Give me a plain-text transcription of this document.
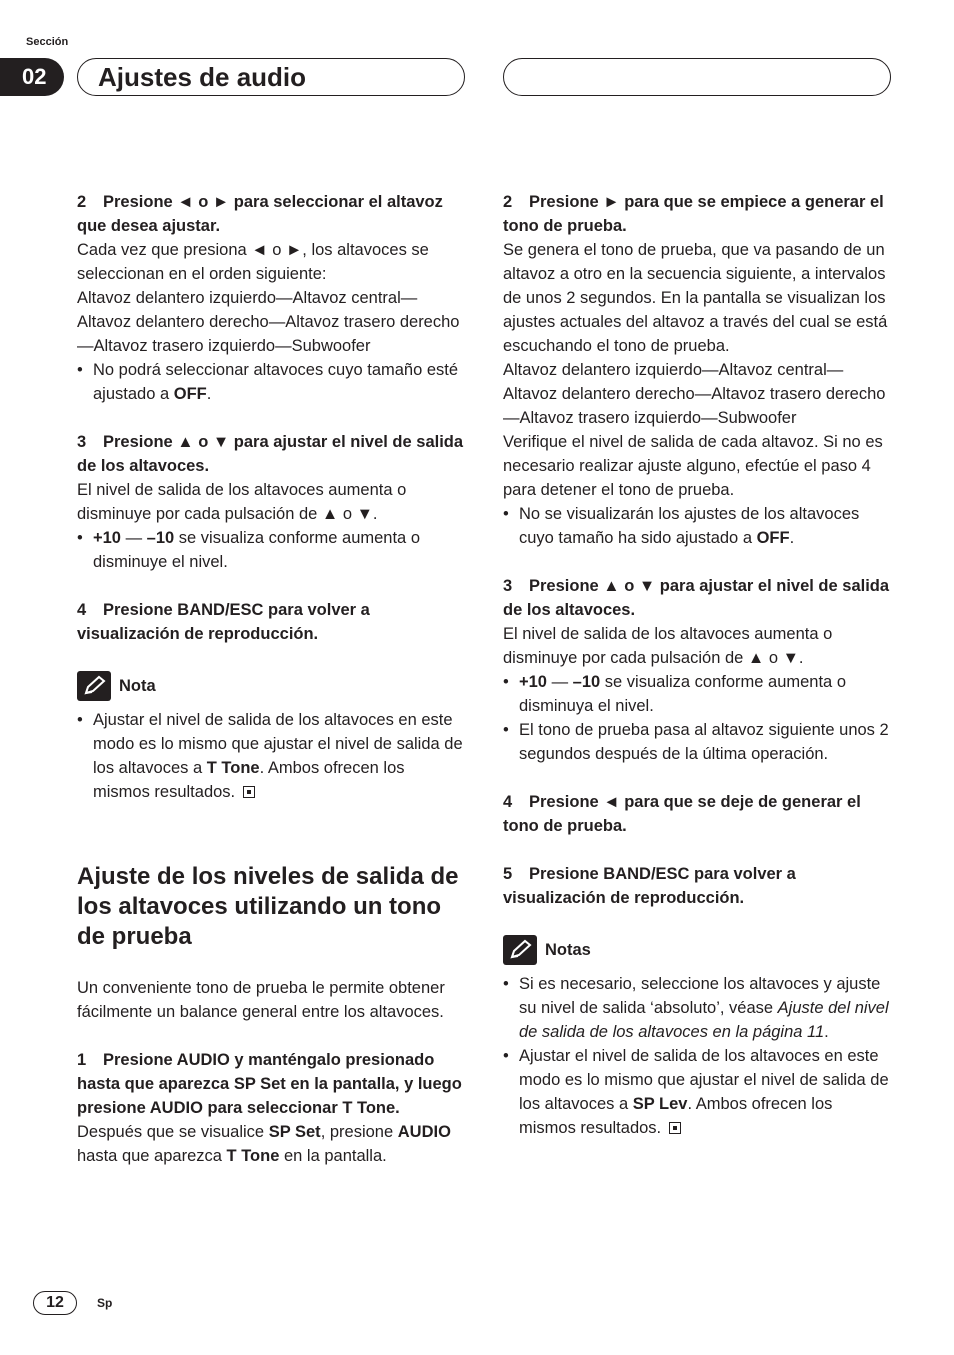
Sección
02	Ajustes de audio

2 Presione ◄ o ► para seleccionar el altavoz que desea ajustar.

Cada vez que presiona ◄ o ►, los altavoces se seleccionan en el orden siguiente:

Altavoz delantero izquierdo—Altavoz central—Altavoz delantero derecho—Altavoz trasero derecho—Altavoz trasero izquierdo—Subwoofer

• No podrá seleccionar altavoces cuyo tamaño esté ajustado a OFF.

3 Presione ▲ o ▼ para ajustar el nivel de salida de los altavoces.

El nivel de salida de los altavoces aumenta o disminuye por cada pulsación de ▲ o ▼.

• +10 — –10 se visualiza conforme aumenta o disminuye el nivel.

4 Presione BAND/ESC para volver a visualización de reproducción.

Nota

• Ajustar el nivel de salida de los altavoces en este modo es lo mismo que ajustar el nivel de salida de los altavoces a T Tone. Ambos ofrecen los mismos resultados.

Ajuste de los niveles de salida de los altavoces utilizando un tono de prueba

Un conveniente tono de prueba le permite obtener fácilmente un balance general entre los altavoces.

1 Presione AUDIO y manténgalo presionado hasta que aparezca SP Set en la pantalla, y luego presione AUDIO para seleccionar T Tone.

Después que se visualice SP Set, presione AUDIO hasta que aparezca T Tone en la pantalla.

2 Presione ► para que se empiece a generar el tono de prueba.

Se genera el tono de prueba, que va pasando de un altavoz a otro en la secuencia siguiente, a intervalos de unos 2 segundos. En la pantalla se visualizan los ajustes actuales del altavoz a través del cual se está escuchando el tono de prueba.

Altavoz delantero izquierdo—Altavoz central—Altavoz delantero derecho—Altavoz trasero derecho—Altavoz trasero izquierdo—Subwoofer

Verifique el nivel de salida de cada altavoz. Si no es necesario realizar ajuste alguno, efectúe el paso 4 para detener el tono de prueba.

• No se visualizarán los ajustes de los altavoces cuyo tamaño ha sido ajustado a OFF.

3 Presione ▲ o ▼ para ajustar el nivel de salida de los altavoces.

El nivel de salida de los altavoces aumenta o disminuye por cada pulsación de ▲ o ▼.

• +10 — –10 se visualiza conforme aumenta o disminuya el nivel.

• El tono de prueba pasa al altavoz siguiente unos 2 segundos después de la última operación.

4 Presione ◄ para que se deje de generar el tono de prueba.

5 Presione BAND/ESC para volver a visualización de reproducción.

Notas

• Si es necesario, seleccione los altavoces y ajuste su nivel de salida ‘absoluto’, véase Ajuste del nivel de salida de los altavoces en la página 11.

• Ajustar el nivel de salida de los altavoces en este modo es lo mismo que ajustar el nivel de salida de los altavoces a SP Lev. Ambos ofrecen los mismos resultados.

12	Sp
